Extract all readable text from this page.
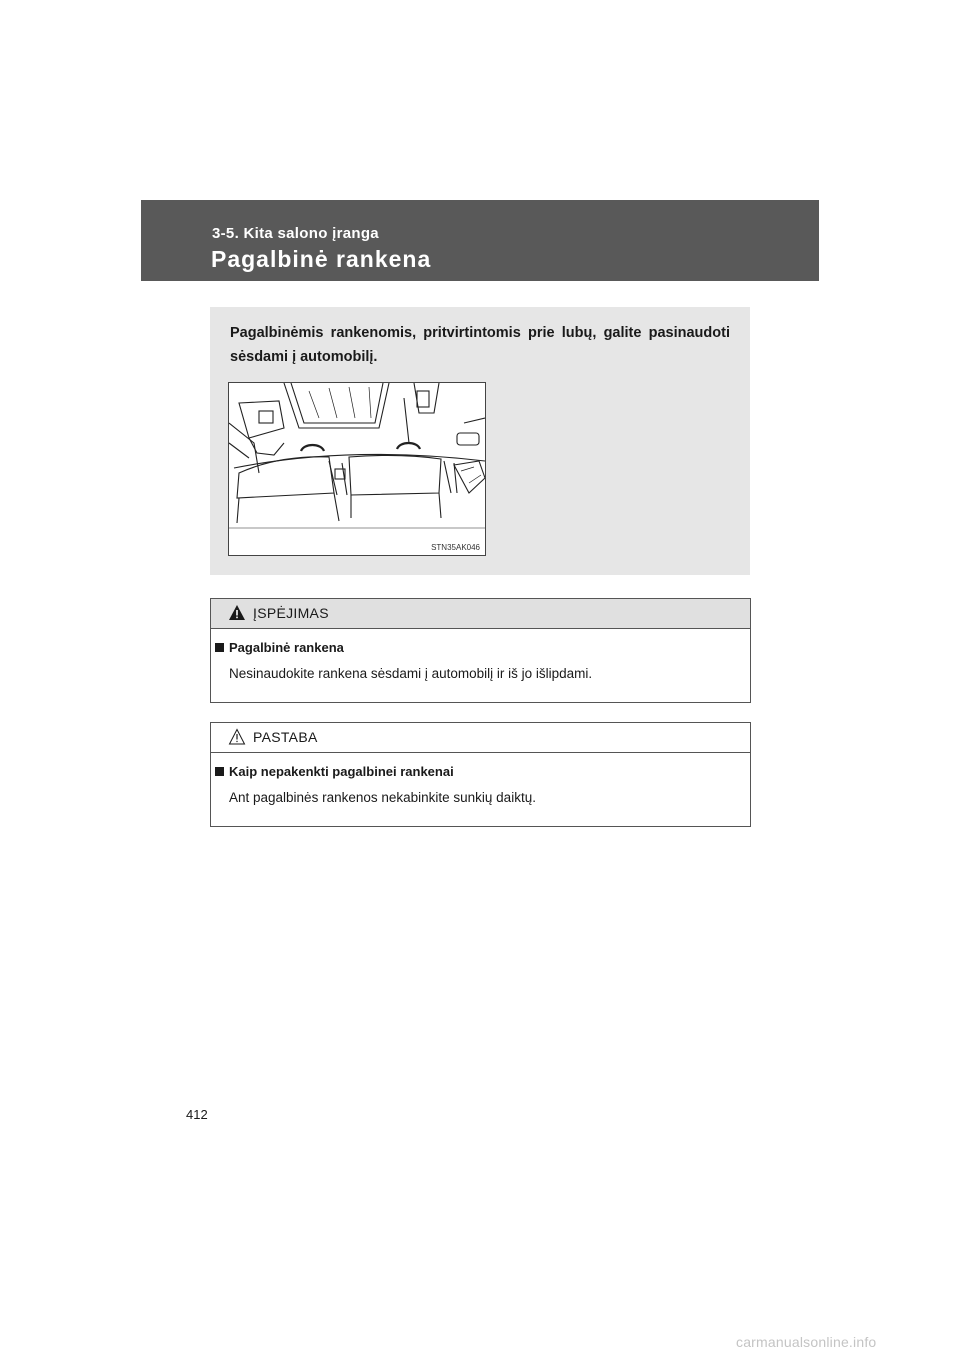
3-5. Kita salono įranga
Pagalbinė rankena
Pagalbinėmis rankenomis, pritvirtintomis prie lubų, galite pasinaudoti sėsdami į automobilį.
STN35AK046
ĮSPĖJIMAS
Pagalbinė rankena
Nesinaudokite rankena sėsdami į automobilį ir iš jo išlipdami.
PASTABA
Kaip nepakenkti pagalbinei rankenai
Ant pagalbinės rankenos nekabinkite sunkių daiktų.
412
carmanualsonline.info
